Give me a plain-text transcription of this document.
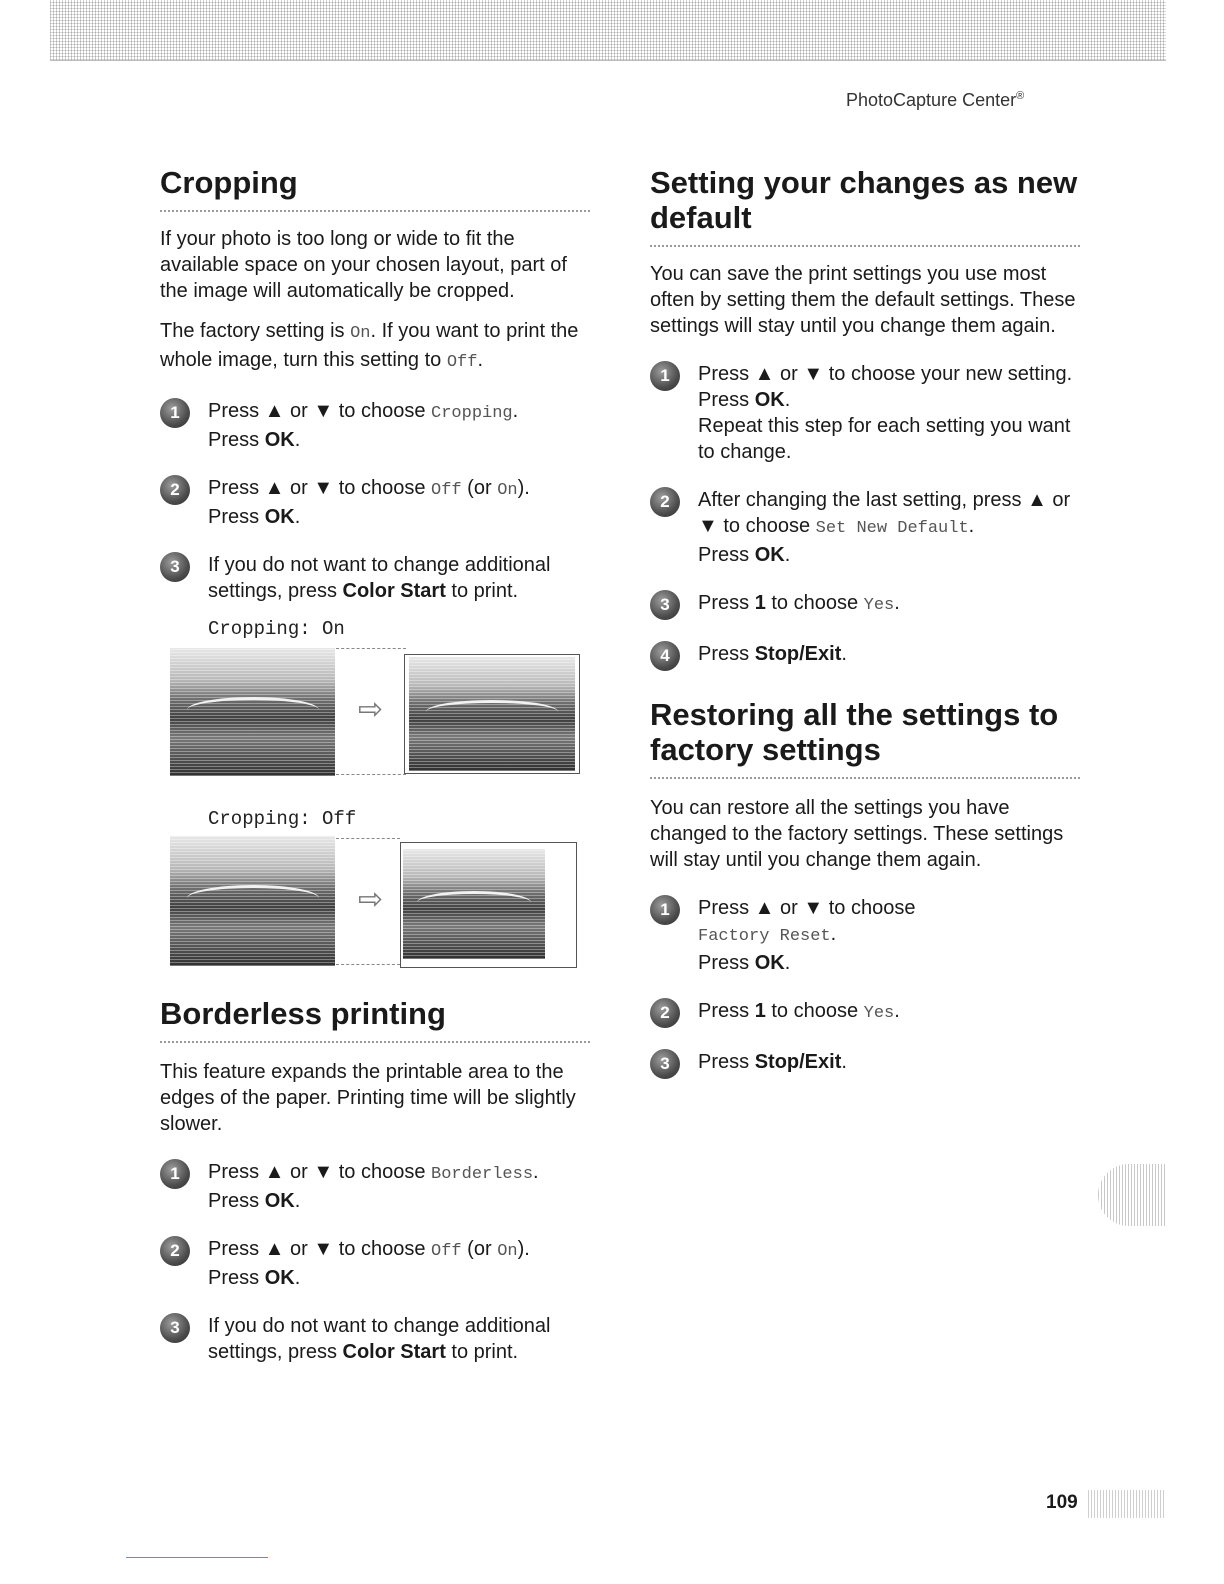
PhotoCapture Center®
Cropping

If your photo is too long or wide to fit the available space on your chosen layout, part of the image will automatically be cropped.

The factory setting is On. If you want to print the whole image, turn this setting to Off.

1	Press ▲ or ▼ to choose Cropping.
Press OK.
2	Press ▲ or ▼ to choose Off (or On).
Press OK.
3	If you do not want to change additional settings, press Color Start to print.
Cropping: On
⇨
Cropping: Off
⇨
Borderless printing

This feature expands the printable area to the edges of the paper. Printing time will be slightly slower.

1	Press ▲ or ▼ to choose Borderless.
Press OK.
2	Press ▲ or ▼ to choose Off (or On).
Press OK.
3	If you do not want to change additional settings, press Color Start to print.
Setting your changes as new default

You can save the print settings you use most often by setting them the default settings. These settings will stay until you change them again.

1	Press ▲ or ▼ to choose your new setting.
Press OK.
Repeat this step for each setting you want to change.
2	After changing the last setting, press ▲ or ▼ to choose Set New Default.
Press OK.
3	Press 1 to choose Yes.
4	Press Stop/Exit.
Restoring all the settings to factory settings

You can restore all the settings you have changed to the factory settings. These settings will stay until you change them again.

1	Press ▲ or ▼ to choose
Factory Reset.
Press OK.
2	Press 1 to choose Yes.
3	Press Stop/Exit.
109
